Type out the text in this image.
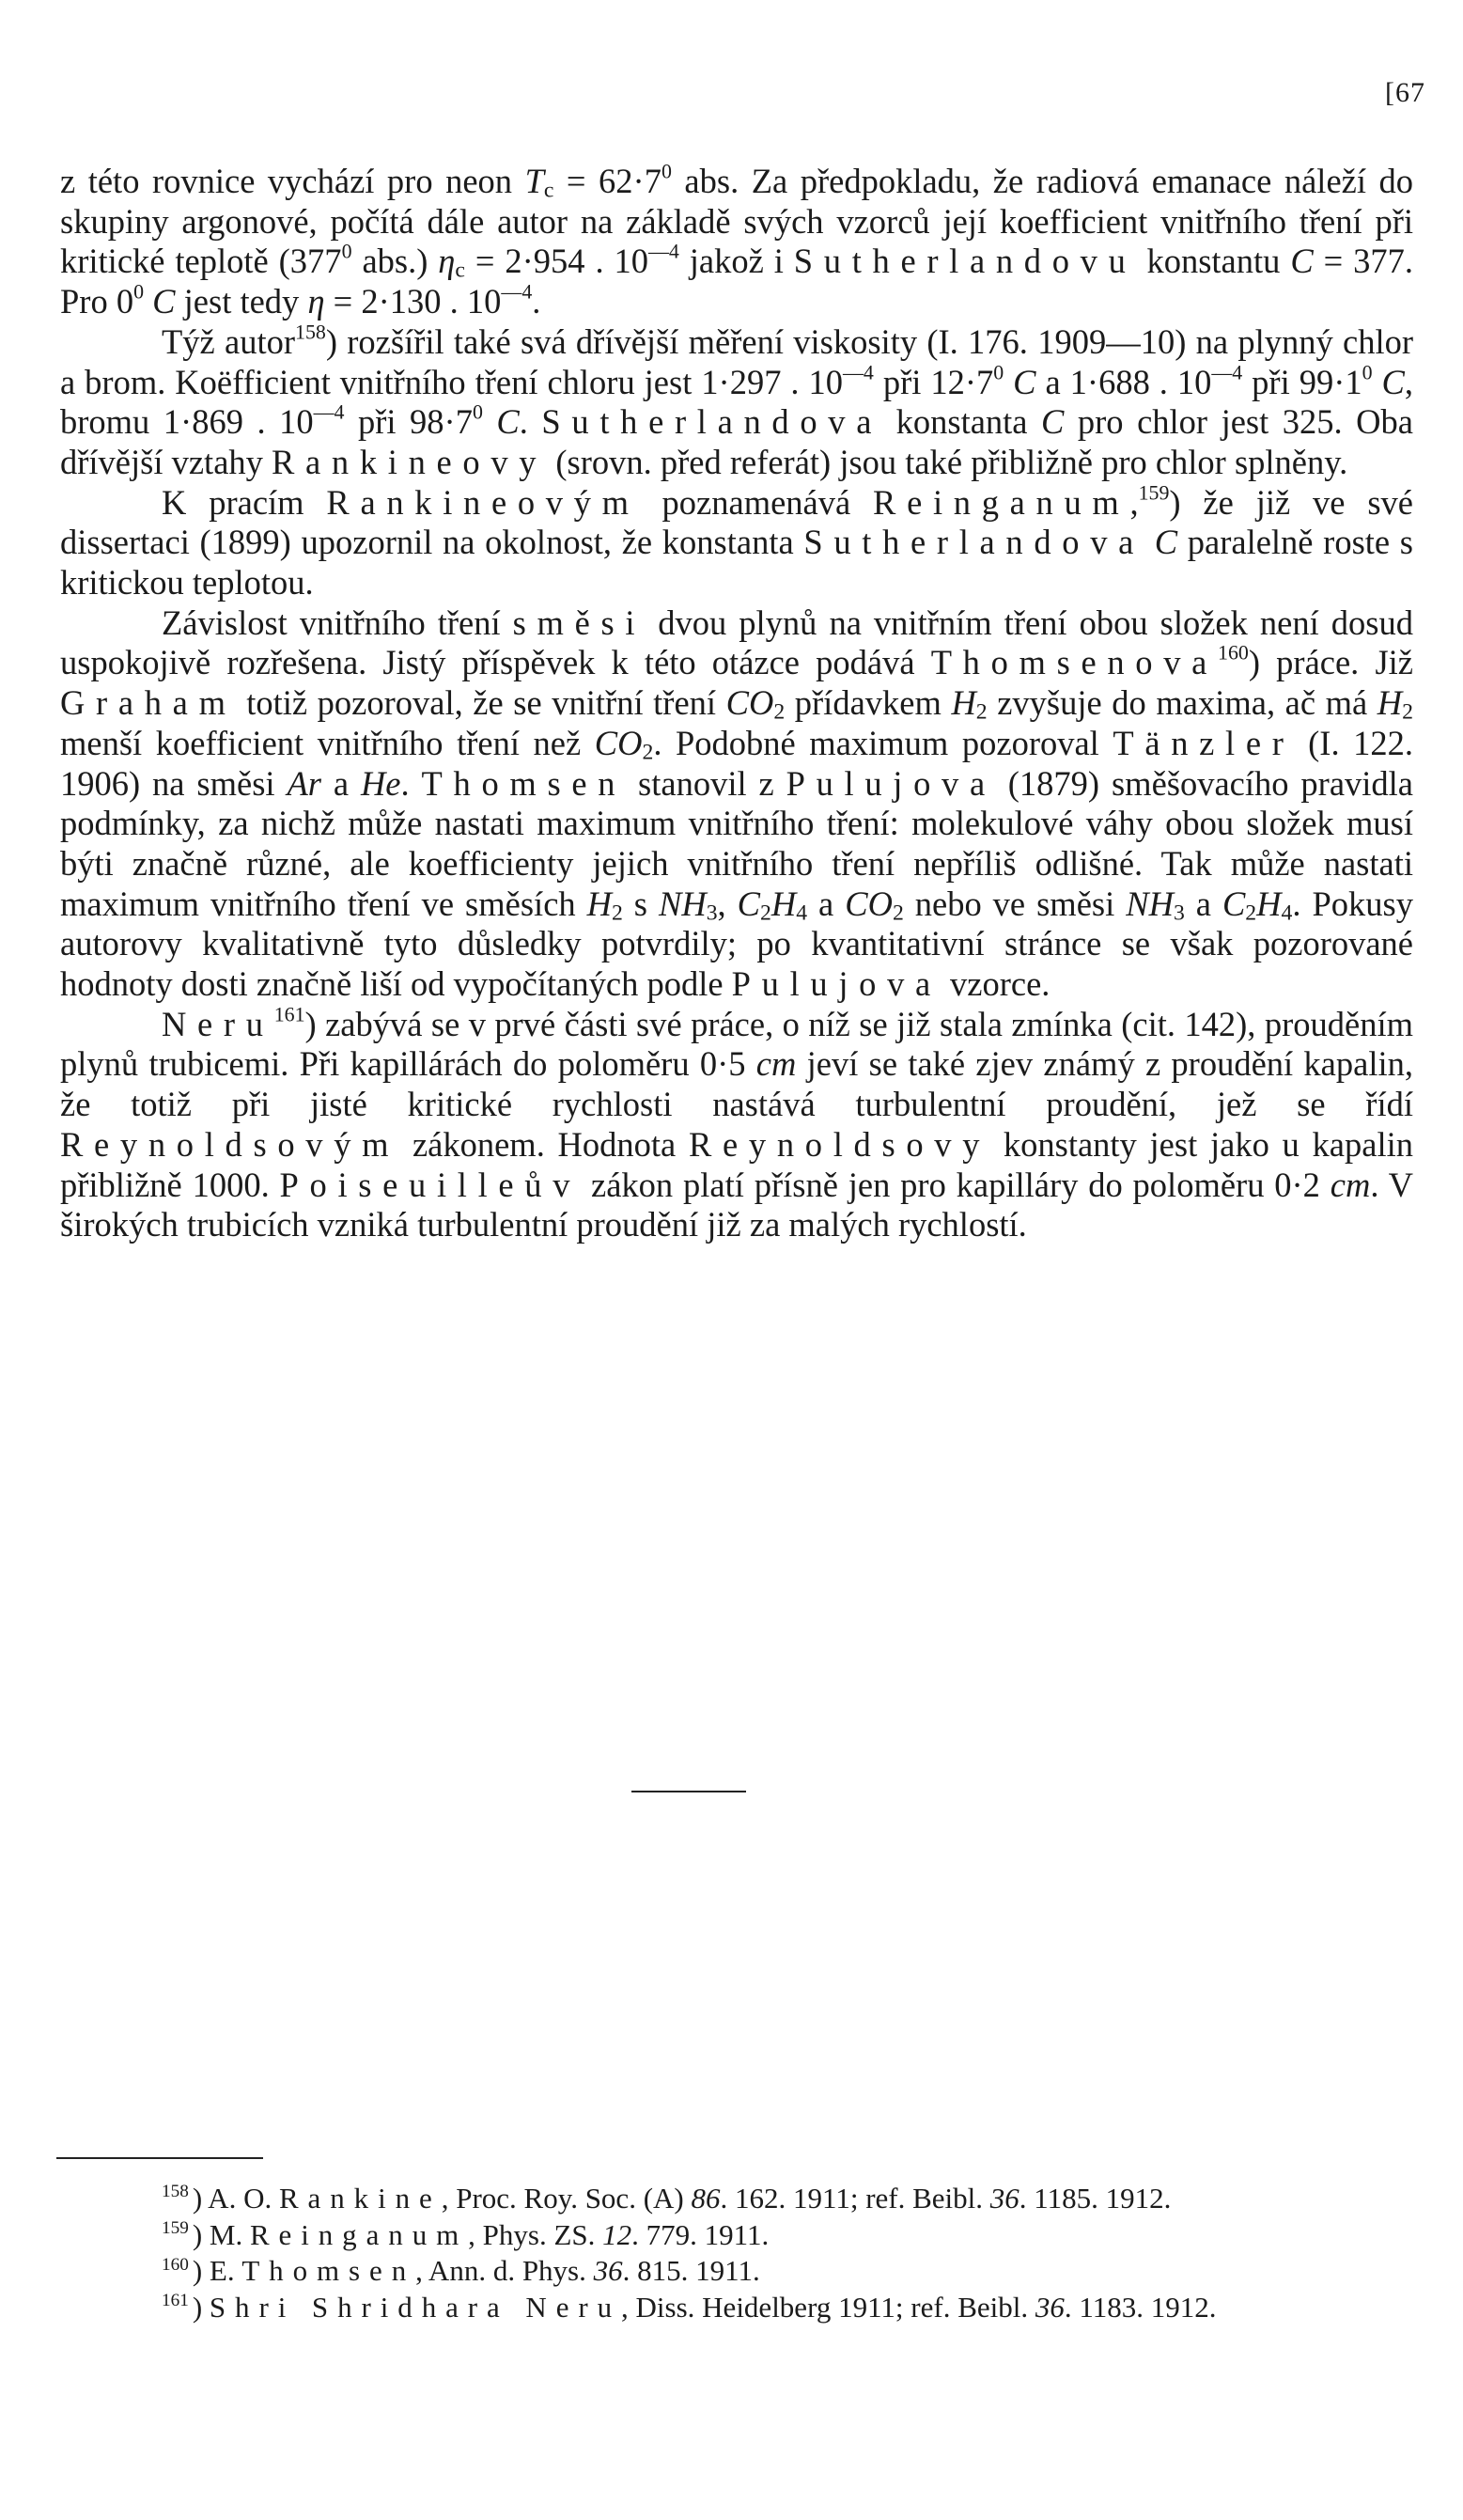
[67

z této rovnice vychází pro neon $T_c = 62\cdot 7^0$ abs. Za předpokladu, že radiová emanace náleží do skupiny argonové, počítá dále autor na základě svých vzorců její koefficient vnitřního tření při kritické teplotě ($377^0$ abs.) $\eta_c = 2\cdot 954$ . $10^{—4}$ jakož i Sutherlandovu konstantu C = 377. Pro $0^0$ C jest tedy η = 2·130 . $10^{—4}$.

Týž autor$^{158}$) rozšířil také svá dřívější měření viskosity (I. 176. 1909—10) na plynný chlor a brom. Koëfficient vnitřního tření chloru jest 1·297 . $10^{—4}$ při $12\cdot 7^0$ C a 1·688 . $10^{—4}$ při $99\cdot 1^0$ C, bromu 1·869 . $10^{—4}$ při $98\cdot 7^0$ C. Sutherlandova konstanta C pro chlor jest 325. Oba dřívější vztahy Rankineovy (srovn. před referát) jsou také přibližně pro chlor splněny.

K pracím Rankineovým poznamenává Reinganum,$^{159}$) že již ve své dissertaci (1899) upozornil na okolnost, že konstanta Sutherlandova C paralelně roste s kritickou teplotou.

Závislost vnitřního tření směsi dvou plynů na vnitřním tření obou složek není dosud uspokojivě rozřešena. Jistý příspěvek k této otázce podává Thomsenova$^{160}$) práce. Již Graham totiž pozoroval, že se vnitřní tření $CO_2$ přídavkem $H_2$ zvyšuje do maxima, ač má $H_2$ menší koefficient vnitřního tření než $CO_2$. Podobné maximum pozoroval Tänzler (I. 122. 1906) na směsi Ar a He. Thomsen stanovil z Pulujova (1879) směšovacího pravidla podmínky, za nichž může nastati maximum vnitřního tření: molekulové váhy obou složek musí býti značně různé, ale koefficienty jejich vnitřního tření nepříliš odlišné. Tak může nastati maximum vnitřního tření ve směsích $H_2$ s $NH_3$, $C_2H_4$ a $CO_2$ nebo ve směsi $NH_3$ a $C_2H_4$. Pokusy autorovy kvalitativně tyto důsledky potvrdily; po kvantitativní stránce se však pozorované hodnoty dosti značně liší od vypočítaných podle Pulujova vzorce.

Neru$^{161}$) zabývá se v prvé části své práce, o níž se již stala zmínka (cit. 142), prouděním plynů trubicemi. Při kapillárách do poloměru 0·5 cm jeví se také zjev známý z proudění kapalin, že totiž při jisté kritické rychlosti nastává turbulentní proudění, jež se řídí Reynoldsovým zákonem. Hodnota Reynoldsovy konstanty jest jako u kapalin přibližně 1000. Poiseuilleův zákon platí přísně jen pro kapilláry do poloměru 0·2 cm. V širokých trubicích vzniká turbulentní proudění již za malých rychlostí.

$^{158}$ ) A. O. Rankine, Proc. Roy. Soc. (A) 86. 162. 1911; ref. Beibl. 36. 1185. 1912.

$^{159}$ ) M. Reinganum, Phys. ZS. 12. 779. 1911.

$^{160}$ ) E. Thomsen, Ann. d. Phys. 36. 815. 1911.

$^{161}$ ) Shri Shridhara Neru, Diss. Heidelberg 1911; ref. Beibl. 36. 1183. 1912.
